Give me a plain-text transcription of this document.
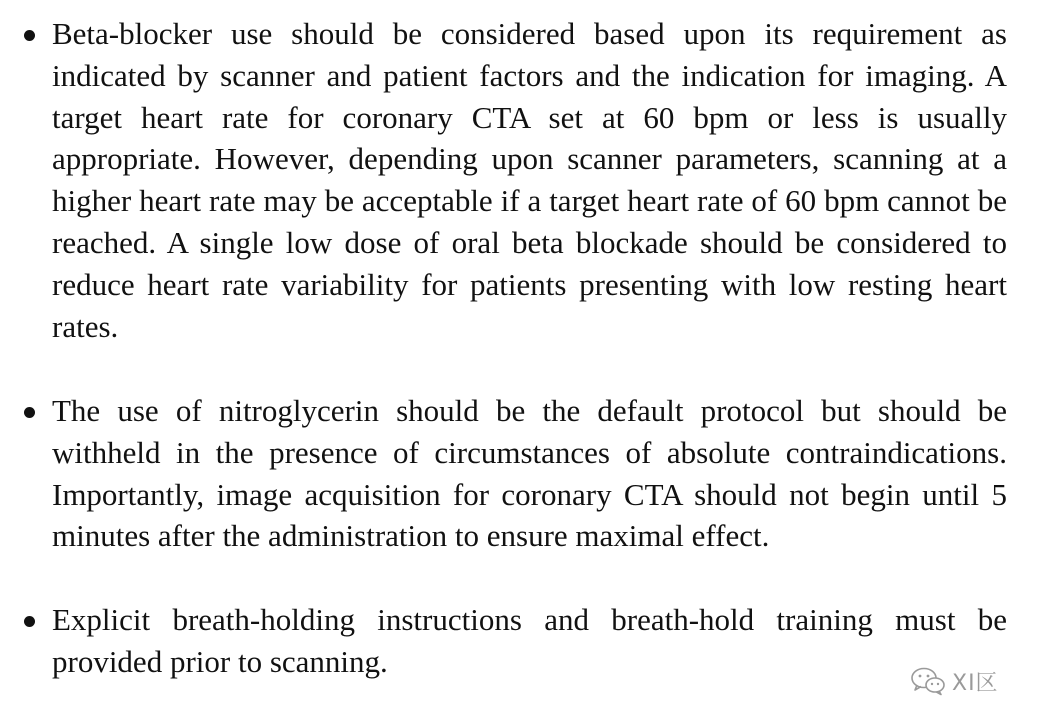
Beta-blocker use should be considered based upon its requirement as indicated by scanner and patient factors and the indication for imaging. A target heart rate for coronary CTA set at 60 bpm or less is usually appropriate. However, depending upon scanner parameters, scanning at a higher heart rate may be acceptable if a target heart rate of 60 bpm cannot be reached. A single low dose of oral beta blockade should be considered to reduce heart rate variability for patients presenting with low resting heart rates.
The use of nitroglycerin should be the default protocol but should be withheld in the presence of circumstances of absolute contraindications. Importantly, image acquisition for coronary CTA should not begin until 5 minutes after the administration to ensure maximal effect.
Explicit breath-holding instructions and breath-hold training must be provided prior to scanning.
XI区
